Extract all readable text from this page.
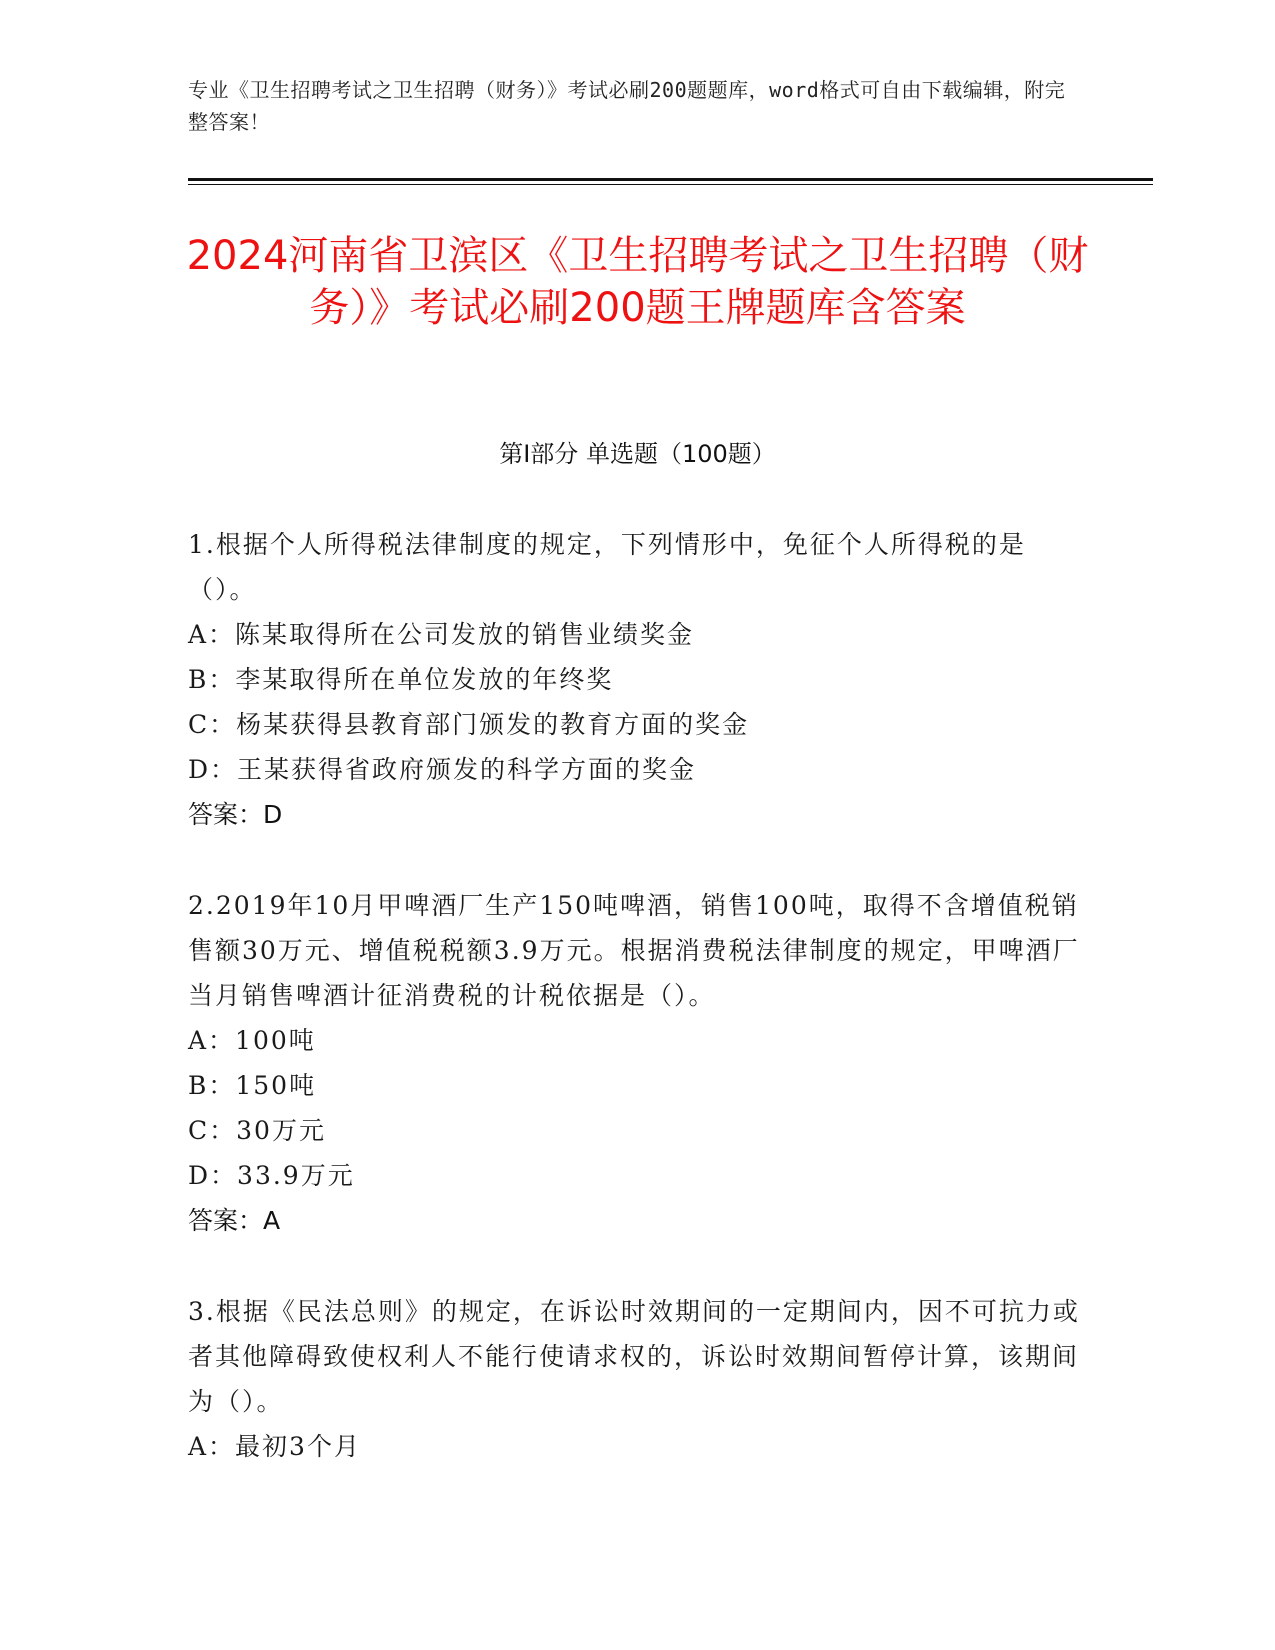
专业《卫生招聘考试之卫生招聘（财务）》考试必刷200题题库，word格式可自由下载编辑，附完整答案！
2024河南省卫滨区《卫生招聘考试之卫生招聘（财务）》考试必刷200题王牌题库含答案
第I部分 单选题（100题）

1.根据个人所得税法律制度的规定，下列情形中，免征个人所得税的是（）。

A：陈某取得所在公司发放的销售业绩奖金

B：李某取得所在单位发放的年终奖

C：杨某获得县教育部门颁发的教育方面的奖金

D：王某获得省政府颁发的科学方面的奖金

答案：D

2.2019年10月甲啤酒厂生产150吨啤酒，销售100吨，取得不含增值税销售额30万元、增值税税额3.9万元。根据消费税法律制度的规定，甲啤酒厂当月销售啤酒计征消费税的计税依据是（）。

A：100吨

B：150吨

C：30万元

D：33.9万元

答案：A

3.根据《民法总则》的规定，在诉讼时效期间的一定期间内，因不可抗力或者其他障碍致使权利人不能行使请求权的，诉讼时效期间暂停计算，该期间为（）。

A：最初3个月
